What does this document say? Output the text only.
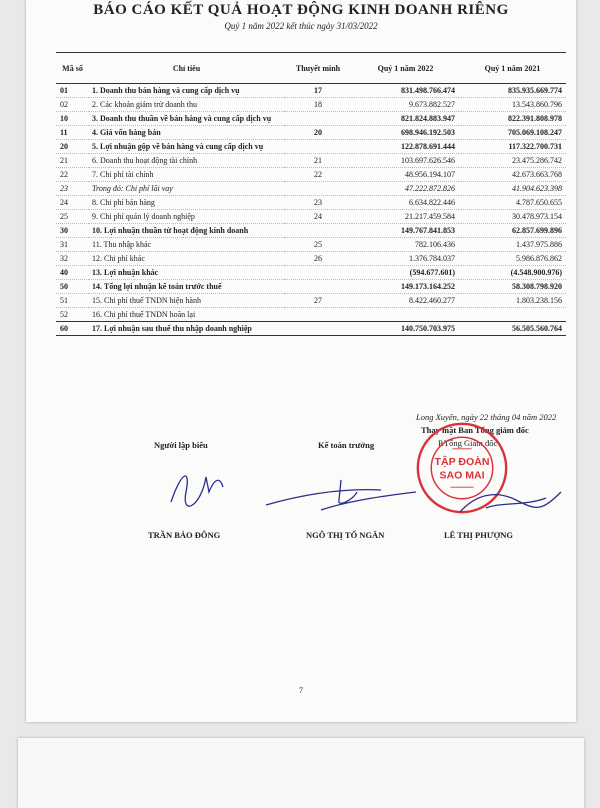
BÁO CÁO KẾT QUẢ HOẠT ĐỘNG KINH DOANH RIÊNG
Quý 1 năm 2022 kết thúc ngày 31/03/2022
Mã số	Chỉ tiêu	Thuyết minh	Quý 1 năm 2022	Quý 1 năm 2021
01	1. Doanh thu bán hàng và cung cấp dịch vụ	17	831.498.766.474	835.935.669.774
02	2. Các khoản giảm trừ doanh thu	18	9.673.882.527	13.543.860.796
10	3. Doanh thu thuần về bán hàng và cung cấp dịch vụ		821.824.883.947	822.391.808.978
11	4. Giá vốn hàng bán	20	698.946.192.503	705.069.108.247
20	5. Lợi nhuận gộp về bán hàng và cung cấp dịch vụ		122.878.691.444	117.322.700.731
21	6. Doanh thu hoạt động tài chính	21	103.697.626.546	23.475.286.742
22	7. Chi phí tài chính	22	48.956.194.107	42.673.663.768
23	Trong đó: Chi phí lãi vay		47.222.872.826	41.904.623.398
24	8. Chi phí bán hàng	23	6.634.822.446	4.787.650.655
25	9. Chi phí quản lý doanh nghiệp	24	21.217.459.584	30.478.973.154
30	10. Lợi nhuận thuần từ hoạt động kinh doanh		149.767.841.853	62.857.699.896
31	11. Thu nhập khác	25	782.106.436	1.437.975.886
32	12. Chi phí khác	26	1.376.784.037	5.986.876.862
40	13. Lợi nhuận khác		(594.677.601)	(4.548.900.976)
50	14. Tổng lợi nhuận kế toán trước thuế		149.173.164.252	58.308.798.920
51	15. Chi phí thuế TNDN hiện hành	27	8.422.460.277	1.803.238.156
52	16. Chi phí thuế TNDN hoãn lại			
60	17. Lợi nhuận sau thuế thu nhập doanh nghiệp		140.750.703.975	56.505.560.764
Long Xuyên, ngày 22 tháng 04 năm 2022
Thay mặt Ban Tổng giám đốc
P.Tổng Giám đốc
Người lập biểu	Kế toán trưởng
TẬP ĐOÀN
SAO MAI
TRẦN BẢO ĐÔNG	NGÔ THỊ TỐ NGÂN	LÊ THỊ PHƯỢNG
7
